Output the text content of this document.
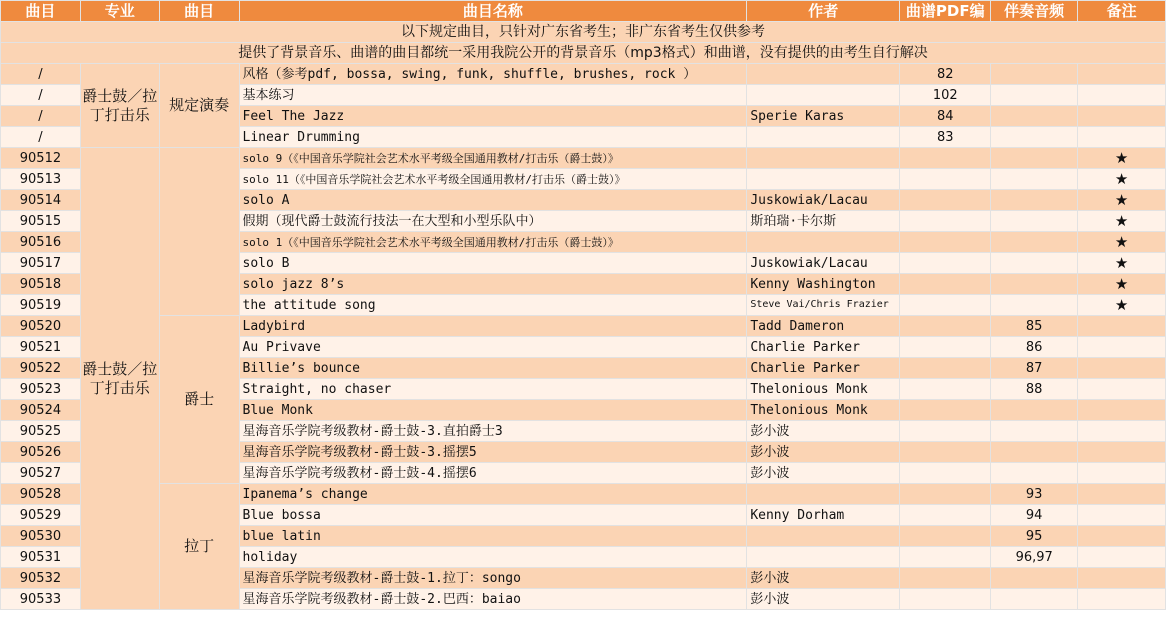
曲目	专业	曲目	曲目名称	作者	曲谱PDF编	伴奏音频	备注
以下规定曲目，只针对广东省考生；非广东省考生仅供参考							
提供了背景音乐、曲谱的曲目都统一采用我院公开的背景音乐（mp3格式）和曲谱，没有提供的由考生自行解决							
/	爵士鼓／拉丁打击乐	规定演奏	风格（参考pdf, bossa, swing, funk, shuffle, brushes, rock ）		82		
/			基本练习		102		
/			Feel The Jazz	Sperie Karas	84		
/			Linear Drumming		83		
90512	爵士鼓／拉丁打击乐		solo 9（《中国音乐学院社会艺术水平考级全国通用教材/打击乐（爵士鼓）》				★
90513			solo 11（《中国音乐学院社会艺术水平考级全国通用教材/打击乐（爵士鼓）》				★
90514			solo A	Juskowiak/Lacau			★
90515			假期（现代爵士鼓流行技法一在大型和小型乐队中）	斯珀瑞·卡尔斯			★
90516			solo 1（《中国音乐学院社会艺术水平考级全国通用教材/打击乐（爵士鼓）》				★
90517			solo B	Juskowiak/Lacau			★
90518			solo jazz 8’s	Kenny Washington			★
90519			the attitude song	Steve Vai/Chris Frazier			★
90520		爵士	Ladybird	Tadd Dameron		85	
90521			Au Privave	Charlie Parker		86	
90522			Billie’s bounce	Charlie Parker		87	
90523			Straight, no chaser	Thelonious Monk		88	
90524			Blue Monk	Thelonious Monk			
90525			星海音乐学院考级教材-爵士鼓-3.直拍爵士3	彭小波			
90526			星海音乐学院考级教材-爵士鼓-3.摇摆5	彭小波			
90527			星海音乐学院考级教材-爵士鼓-4.摇摆6	彭小波			
90528		拉丁	Ipanema’s change			93	
90529			Blue bossa	Kenny Dorham		94	
90530			blue latin			95	
90531			holiday			96,97	
90532			星海音乐学院考级教材-爵士鼓-1.拉丁：songo	彭小波			
90533			星海音乐学院考级教材-爵士鼓-2.巴西：baiao	彭小波			
